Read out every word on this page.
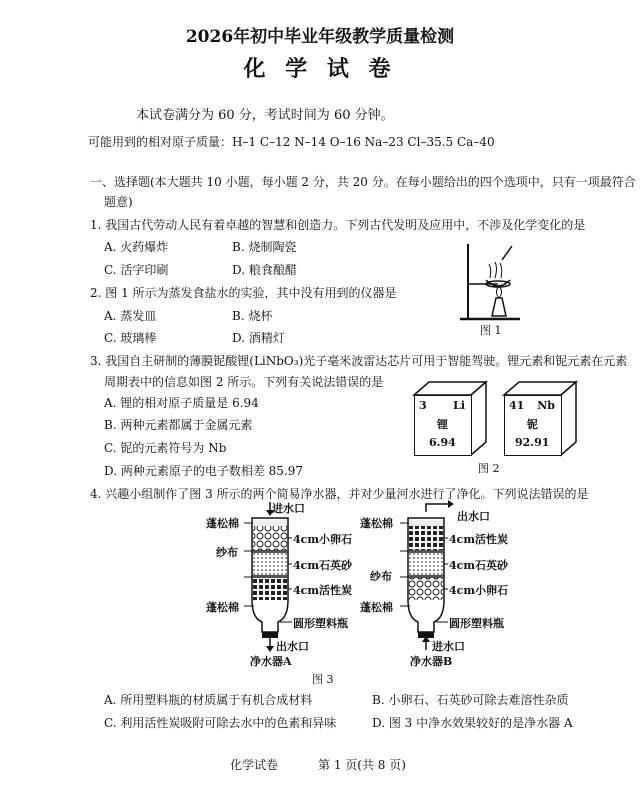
2026年初中毕业年级教学质量检测
化 学 试 卷
本试卷满分为 60 分，考试时间为 60 分钟。
可能用到的相对原子质量：H–1 C–12 N–14 O–16 Na–23 Cl–35.5 Ca–40
一、选择题(本大题共 10 小题，每小题 2 分，共 20 分。在每小题给出的四个选项中，只有一项最符合
题意)
1. 我国古代劳动人民有着卓越的智慧和创造力。下列古代发明及应用中，不涉及化学变化的是
A. 火药爆炸	B. 烧制陶瓷
C. 活字印刷	D. 粮食酿醋
2. 图 1 所示为蒸发食盐水的实验，其中没有用到的仪器是
A. 蒸发皿	B. 烧杯
C. 玻璃棒	D. 酒精灯
图 1
3. 我国自主研制的薄膜铌酸锂(LiNbO₃)光子毫米波雷达芯片可用于智能驾驶。锂元素和铌元素在元素
周期表中的信息如图 2 所示。下列有关说法错误的是
A. 锂的相对原子质量是 6.94
B. 两种元素都属于金属元素
C. 铌的元素符号为 Nb
D. 两种元素原子的电子数相差 85.97
3 Li
锂
6.94
41 Nb
铌
92.91
图 2
4. 兴趣小组制作了图 3 所示的两个简易净水器，并对少量河水进行了净化。下列说法错误的是
进水口
蓬松棉
纱布
蓬松棉
4cm小卵石
4cm石英砂
4cm活性炭
圆形塑料瓶
出水口
净水器A
出水口
蓬松棉
纱布
蓬松棉
4cm活性炭
4cm石英砂
4cm小卵石
圆形塑料瓶
进水口
净水器B
图 3
A. 所用塑料瓶的材质属于有机合成材料	B. 小卵石、石英砂可除去难溶性杂质
C. 利用活性炭吸附可除去水中的色素和异味	D. 图 3 中净水效果较好的是净水器 A
化学试卷	第 1 页(共 8 页)
